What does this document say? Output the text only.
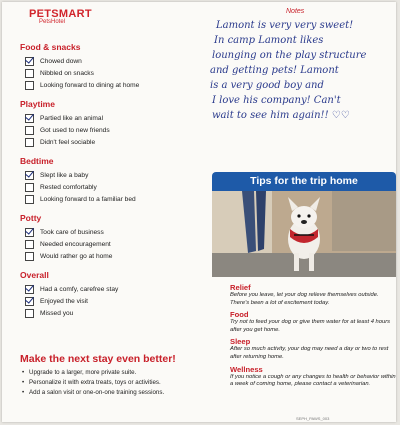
PETSMART
PetsHotel
Food & snacks
Chowed down
Nibbled on snacks
Looking forward to dining at home
Playtime
Partied like an animal
Got used to new friends
Didn't feel sociable
Bedtime
Slept like a baby
Rested comfortably
Looking forward to a familiar bed
Potty
Took care of business
Needed encouragement
Would rather go at home
Overall
Had a comfy, carefree stay
Enjoyed the visit
Missed you
Make the next stay even better!
• Upgrade to a larger, more private suite.
• Personalize it with extra treats, toys or activities.
• Add a salon visit or one-on-one training sessions.
Notes
Lamont is very very sweet!
In camp Lamont likes
lounging on the play structure
and getting pets! Lamont
is a very good boy and
I love his company! Can't
wait to see him again!! ♡♡
Tips for the trip home
Relief

Before you leave, let your dog relieve themselves outside. There's been a lot of excitement today.

Food

Try not to feed your dog or give them water for at least 4 hours after you get home.

Sleep

After so much activity, your dog may need a day or two to rest after returning home.

Wellness

If you notice a cough or any changes to health or behavior within a week of coming home, please contact a veterinarian.

SEPH_PAWS_003
